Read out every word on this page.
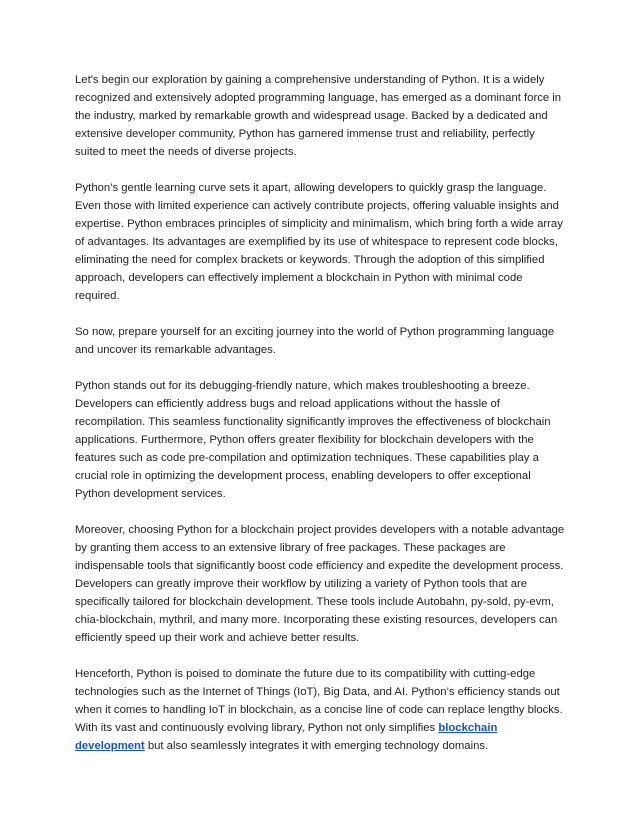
Let's begin our exploration by gaining a comprehensive understanding of Python. It is a widely recognized and extensively adopted programming language, has emerged as a dominant force in the industry, marked by remarkable growth and widespread usage. Backed by a dedicated and extensive developer community, Python has garnered immense trust and reliability, perfectly suited to meet the needs of diverse projects.

Python’s gentle learning curve sets it apart, allowing developers to quickly grasp the language. Even those with limited experience can actively contribute projects, offering valuable insights and expertise. Python embraces principles of simplicity and minimalism, which bring forth a wide array of advantages. Its advantages are exemplified by its use of whitespace to represent code blocks, eliminating the need for complex brackets or keywords. Through the adoption of this simplified approach, developers can effectively implement a blockchain in Python with minimal code required.

So now, prepare yourself for an exciting journey into the world of Python programming language and uncover its remarkable advantages.

Python stands out for its debugging-friendly nature, which makes troubleshooting a breeze. Developers can efficiently address bugs and reload applications without the hassle of recompilation. This seamless functionality significantly improves the effectiveness of blockchain applications. Furthermore, Python offers greater flexibility for blockchain developers with the features such as code pre-compilation and optimization techniques. These capabilities play a crucial role in optimizing the development process, enabling developers to offer exceptional Python development services.

Moreover, choosing Python for a blockchain project provides developers with a notable advantage by granting them access to an extensive library of free packages. These packages are indispensable tools that significantly boost code efficiency and expedite the development process. Developers can greatly improve their workflow by utilizing a variety of Python tools that are specifically tailored for blockchain development. These tools include Autobahn, py-sold, py-evm, chia-blockchain, mythril, and many more. Incorporating these existing resources, developers can efficiently speed up their work and achieve better results.

Henceforth, Python is poised to dominate the future due to its compatibility with cutting-edge technologies such as the Internet of Things (IoT), Big Data, and AI. Python’s efficiency stands out when it comes to handling IoT in blockchain, as a concise line of code can replace lengthy blocks. With its vast and continuously evolving library, Python not only simplifies blockchain development but also seamlessly integrates it with emerging technology domains.
